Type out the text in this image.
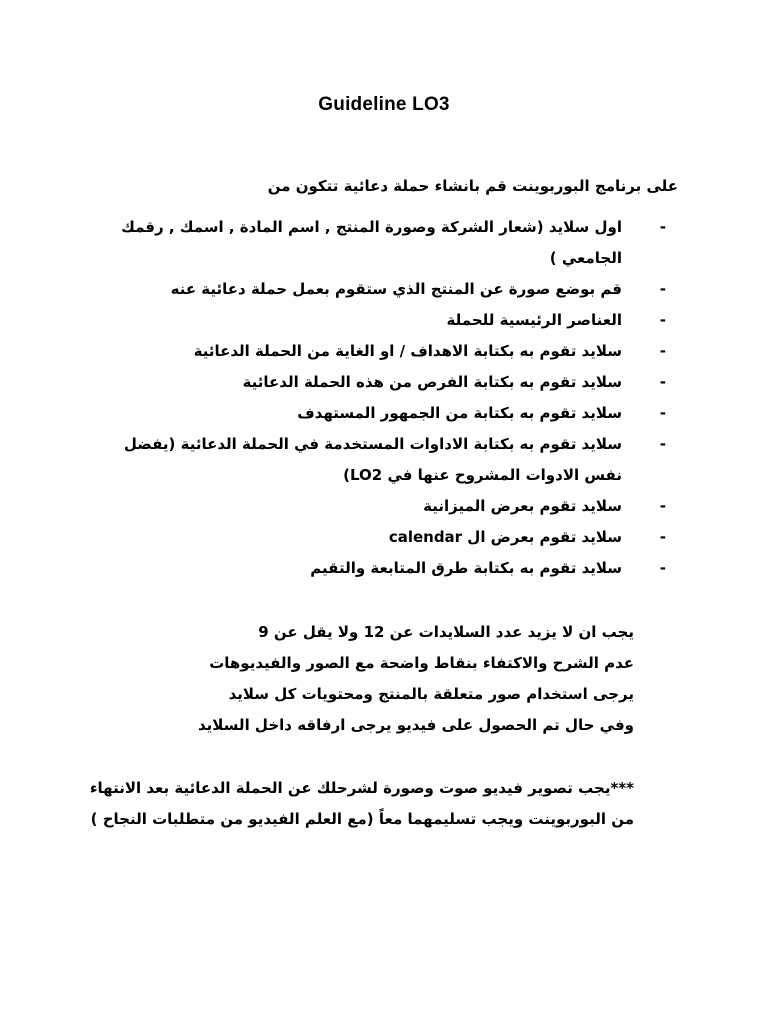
Guideline LO3
على برنامج البوربوينت قم بانشاء حملة دعائية تتكون من
-
اول سلايد (شعار الشركة وصورة المنتج , اسم المادة , اسمك , رقمك الجامعي )
-
قم بوضع صورة عن المنتج الذي ستقوم بعمل حملة دعائية عنه
-
العناصر الرئيسية للحملة
-
سلايد تقوم به بكتابة الاهداف / او الغاية من الحملة الدعائية
-
سلايد تقوم به بكتابة الفرص من هذه الحملة الدعائية
-
سلايد تقوم به بكتابة من الجمهور المستهدف
-
سلايد تقوم به بكتابة الاداوات المستخدمة في الحملة الدعائية (يفضل نفس الادوات المشروح عنها في LO2)
-
سلايد تقوم بعرض الميزانية
-
سلايد تقوم بعرض ال calendar
-
سلايد تقوم به بكتابة طرق المتابعة والتقيم
يجب ان لا يزيد عدد السلايدات عن 12 ولا يقل عن 9
عدم الشرح والاكتفاء بنقاط واضحة مع الصور والفيديوهات
يرجى استخدام صور متعلقة بالمنتج ومحتويات كل سلايد
وفي حال تم الحصول على فيديو يرجى ارفاقه داخل السلايد
***يجب تصوير فيديو صوت وصورة لشرحلك عن الحملة الدعائية بعد الانتهاء من البوربوينت ويجب تسليمهما معاً (مع العلم الفيديو من متطلبات النجاح )
